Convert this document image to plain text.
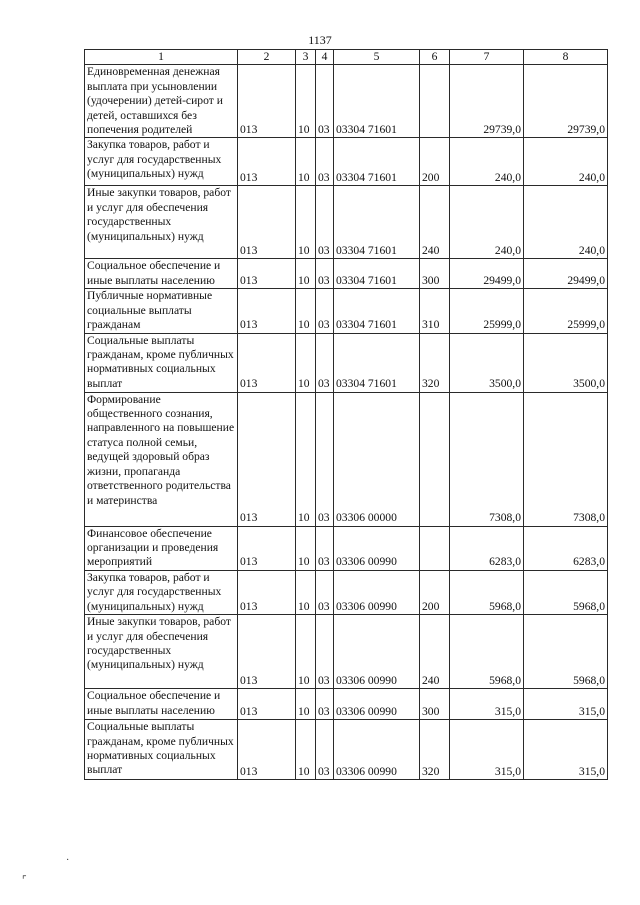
1137
1	2	3	4	5	6	7	8
Единовременная денежная выплата при усыновлении (удочерении) детей-сирот и детей, оставшихся без попечения родителей	013	10	03	03304 71601		29739,0	29739,0
Закупка товаров, работ и услуг для государственных (муниципальных) нужд	013	10	03	03304 71601	200	240,0	240,0
Иные закупки товаров, работ и услуг для обеспечения государственных (муниципальных) нужд	013	10	03	03304 71601	240	240,0	240,0
Социальное обеспечение и иные выплаты населению	013	10	03	03304 71601	300	29499,0	29499,0
Публичные нормативные социальные выплаты гражданам	013	10	03	03304 71601	310	25999,0	25999,0
Социальные выплаты гражданам, кроме публичных нормативных социальных выплат	013	10	03	03304 71601	320	3500,0	3500,0
Формирование общественного сознания, направленного на повышение статуса полной семьи, ведущей здоровый образ жизни, пропаганда ответственного родительства и материнства	013	10	03	03306 00000		7308,0	7308,0
Финансовое обеспечение организации и проведения мероприятий	013	10	03	03306 00990		6283,0	6283,0
Закупка товаров, работ и услуг для государственных (муниципальных) нужд	013	10	03	03306 00990	200	5968,0	5968,0
Иные закупки товаров, работ и услуг для обеспечения государственных (муниципальных) нужд	013	10	03	03306 00990	240	5968,0	5968,0
Социальное обеспечение и иные выплаты населению	013	10	03	03306 00990	300	315,0	315,0
Социальные выплаты гражданам, кроме публичных нормативных социальных выплат	013	10	03	03306 00990	320	315,0	315,0
·
⌜
